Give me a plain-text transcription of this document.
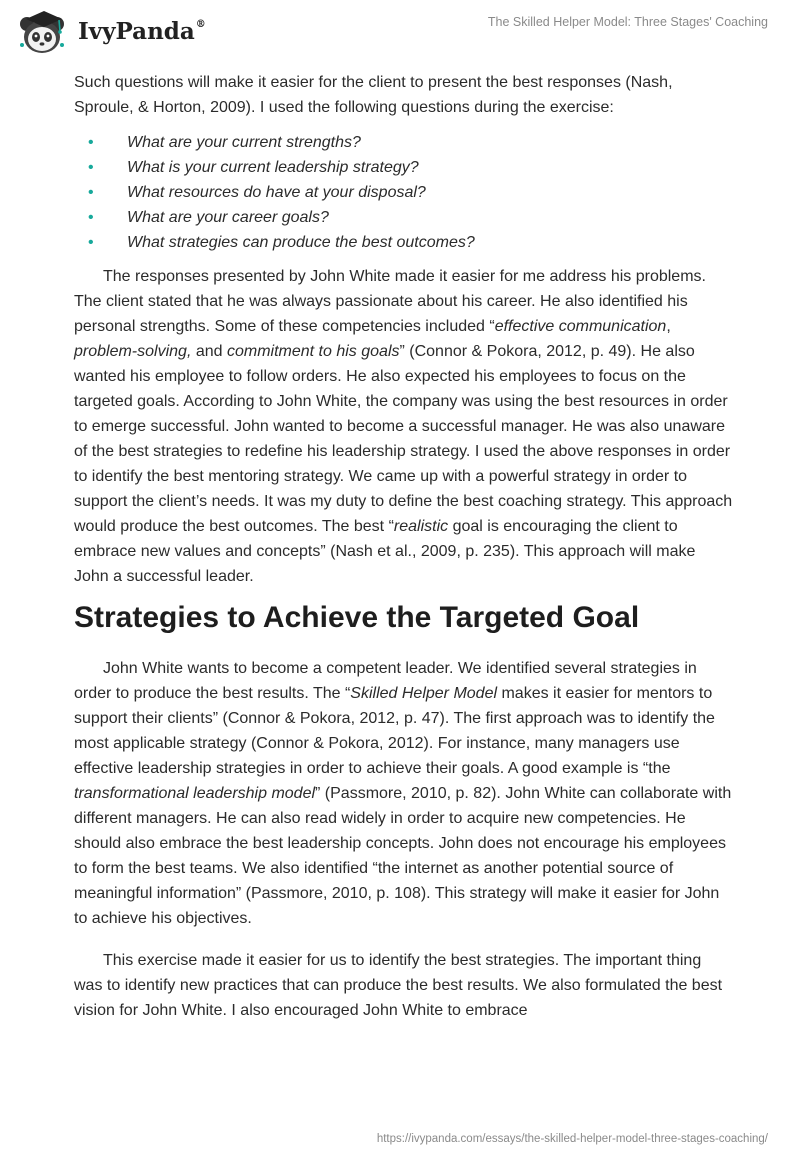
IvyPanda®	The Skilled Helper Model: Three Stages' Coaching

Such questions will make it easier for the client to present the best responses (Nash, Sproule, & Horton, 2009). I used the following questions during the exercise:

• What are your current strengths?
• What is your current leadership strategy?
• What resources do have at your disposal?
• What are your career goals?
• What strategies can produce the best outcomes?

The responses presented by John White made it easier for me address his problems. The client stated that he was always passionate about his career. He also identified his personal strengths. Some of these competencies included “effective communication, problem-solving, and commitment to his goals” (Connor & Pokora, 2012, p. 49). He also wanted his employee to follow orders. He also expected his employees to focus on the targeted goals. According to John White, the company was using the best resources in order to emerge successful. John wanted to become a successful manager. He was also unaware of the best strategies to redefine his leadership strategy. I used the above responses in order to identify the best mentoring strategy. We came up with a powerful strategy in order to support the client’s needs. It was my duty to define the best coaching strategy. This approach would produce the best outcomes. The best “realistic goal is encouraging the client to embrace new values and concepts” (Nash et al., 2009, p. 235). This approach will make John a successful leader.

Strategies to Achieve the Targeted Goal

John White wants to become a competent leader. We identified several strategies in order to produce the best results. The “Skilled Helper Model makes it easier for mentors to support their clients” (Connor & Pokora, 2012, p. 47). The first approach was to identify the most applicable strategy (Connor & Pokora, 2012). For instance, many managers use effective leadership strategies in order to achieve their goals. A good example is “the transformational leadership model” (Passmore, 2010, p. 82). John White can collaborate with different managers. He can also read widely in order to acquire new competencies. He should also embrace the best leadership concepts. John does not encourage his employees to form the best teams. We also identified “the internet as another potential source of meaningful information” (Passmore, 2010, p. 108). This strategy will make it easier for John to achieve his objectives.

This exercise made it easier for us to identify the best strategies. The important thing was to identify new practices that can produce the best results. We also formulated the best vision for John White. I also encouraged John White to embrace

https://ivypanda.com/essays/the-skilled-helper-model-three-stages-coaching/
